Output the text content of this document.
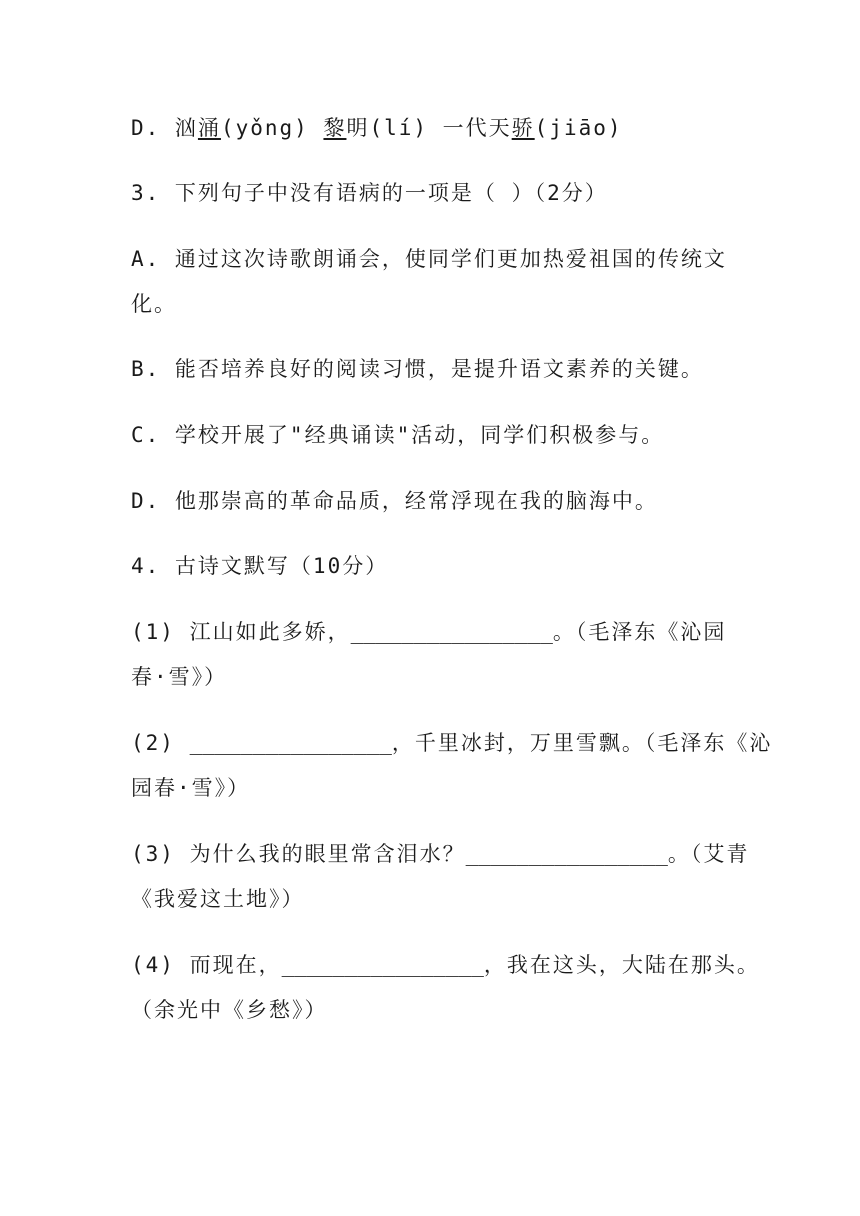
D. 汹涌(yǒng) 黎明(lí) 一代天骄(jiāo)
3. 下列句子中没有语病的一项是（ ）（2分）
A. 通过这次诗歌朗诵会，使同学们更加热爱祖国的传统文
化。
B. 能否培养良好的阅读习惯，是提升语文素养的关键。
C. 学校开展了"经典诵读"活动，同学们积极参与。
D. 他那崇高的革命品质，经常浮现在我的脑海中。
4. 古诗文默写（10分）
(1) 江山如此多娇，________________。（毛泽东《沁园
春·雪》）
(2) ________________，千里冰封，万里雪飘。（毛泽东《沁
园春·雪》）
(3) 为什么我的眼里常含泪水？________________。（艾青
《我爱这土地》）
(4) 而现在，________________，我在这头，大陆在那头。
（余光中《乡愁》）
